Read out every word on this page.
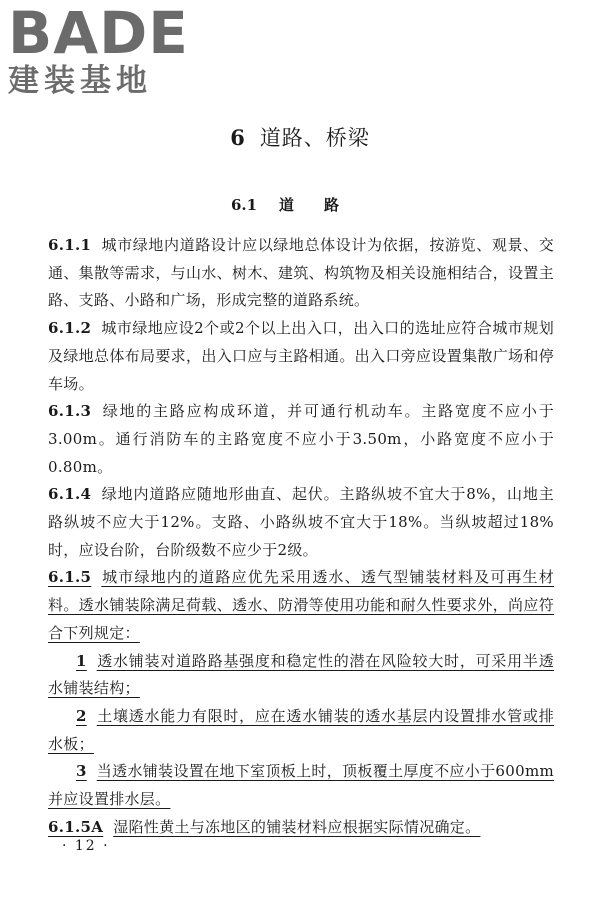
BADE
建装基地
6 道路、桥梁
6.1 道路

6.1.1 城市绿地内道路设计应以绿地总体设计为依据，按游览、观景、交通、集散等需求，与山水、树木、建筑、构筑物及相关设施相结合，设置主路、支路、小路和广场，形成完整的道路系统。

6.1.2 城市绿地应设2个或2个以上出入口，出入口的选址应符合城市规划及绿地总体布局要求，出入口应与主路相通。出入口旁应设置集散广场和停车场。

6.1.3 绿地的主路应构成环道，并可通行机动车。主路宽度不应小于3.00m。通行消防车的主路宽度不应小于3.50m，小路宽度不应小于0.80m。

6.1.4 绿地内道路应随地形曲直、起伏。主路纵坡不宜大于8%，山地主路纵坡不应大于12%。支路、小路纵坡不宜大于18%。当纵坡超过18%时，应设台阶，台阶级数不应少于2级。

6.1.5 城市绿地内的道路应优先采用透水、透气型铺装材料及可再生材料。透水铺装除满足荷载、透水、防滑等使用功能和耐久性要求外，尚应符合下列规定：

1 透水铺装对道路路基强度和稳定性的潜在风险较大时，可采用半透水铺装结构；

2 土壤透水能力有限时，应在透水铺装的透水基层内设置排水管或排水板；

3 当透水铺装设置在地下室顶板上时，顶板覆土厚度不应小于600mm并应设置排水层。

6.1.5A 湿陷性黄土与冻地区的铺装材料应根据实际情况确定。

· 12 ·
